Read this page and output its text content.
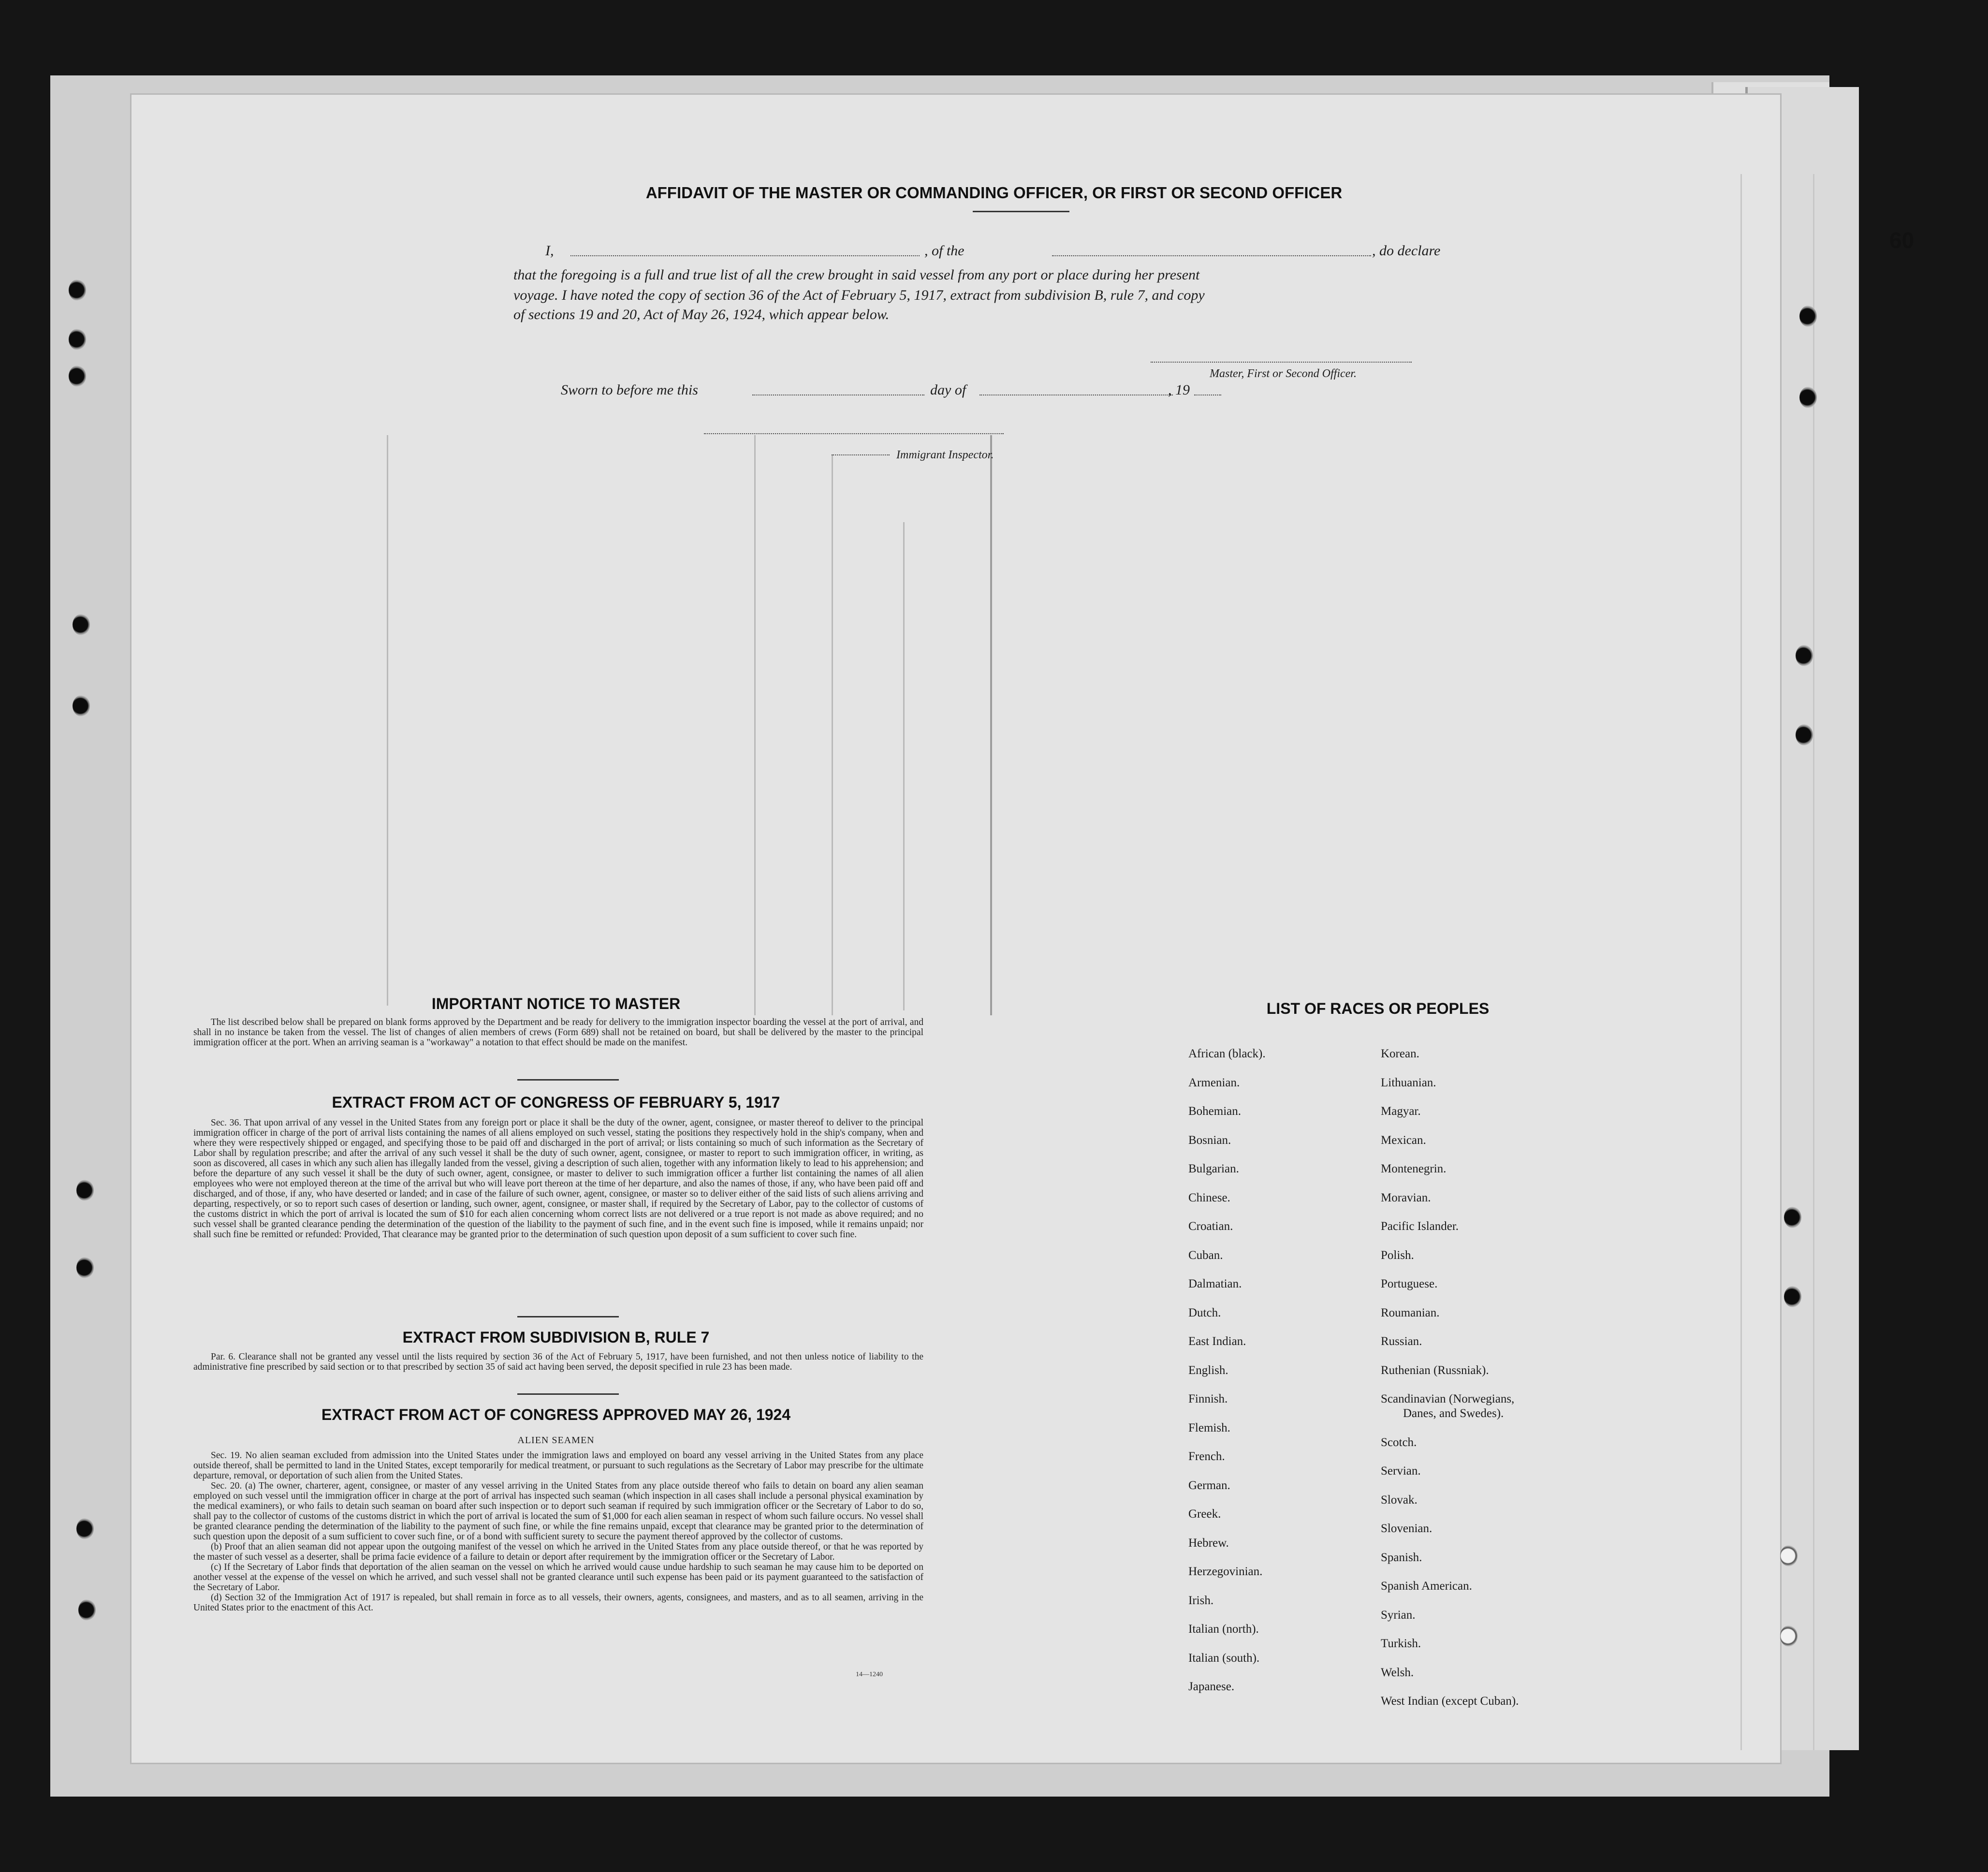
60
AFFIDAVIT OF THE MASTER OR COMMANDING OFFICER, OR FIRST OR SECOND OFFICER
I,	, of the	, do declare
that the foregoing is a full and true list of all the crew brought in said vessel from any port or place during her present
voyage. I have noted the copy of section 36 of the Act of February 5, 1917, extract from subdivision B, rule 7, and copy
of sections 19 and 20, Act of May 26, 1924, which appear below.
Master, First or Second Officer.
Sworn to before me this	day of	, 19
Immigrant Inspector.
IMPORTANT NOTICE TO MASTER

The list described below shall be prepared on blank forms approved by the Department and be ready for delivery to the immigration inspector boarding the vessel at the port of arrival, and shall in no instance be taken from the vessel. The list of changes of alien members of crews (Form 689) shall not be retained on board, but shall be delivered by the master to the principal immigration officer at the port. When an arriving seaman is a "workaway" a notation to that effect should be made on the manifest.

EXTRACT FROM ACT OF CONGRESS OF FEBRUARY 5, 1917

Sec. 36. That upon arrival of any vessel in the United States from any foreign port or place it shall be the duty of the owner, agent, consignee, or master thereof to deliver to the principal immigration officer in charge of the port of arrival lists containing the names of all aliens employed on such vessel, stating the positions they respectively hold in the ship's company, when and where they were respectively shipped or engaged, and specifying those to be paid off and discharged in the port of arrival; or lists containing so much of such information as the Secretary of Labor shall by regulation prescribe; and after the arrival of any such vessel it shall be the duty of such owner, agent, consignee, or master to report to such immigration officer, in writing, as soon as discovered, all cases in which any such alien has illegally landed from the vessel, giving a description of such alien, together with any information likely to lead to his apprehension; and before the departure of any such vessel it shall be the duty of such owner, agent, consignee, or master to deliver to such immigration officer a further list containing the names of all alien employees who were not employed thereon at the time of the arrival but who will leave port thereon at the time of her departure, and also the names of those, if any, who have been paid off and discharged, and of those, if any, who have deserted or landed; and in case of the failure of such owner, agent, consignee, or master so to deliver either of the said lists of such aliens arriving and departing, respectively, or so to report such cases of desertion or landing, such owner, agent, consignee, or master shall, if required by the Secretary of Labor, pay to the collector of customs of the customs district in which the port of arrival is located the sum of $10 for each alien concerning whom correct lists are not delivered or a true report is not made as above required; and no such vessel shall be granted clearance pending the determination of the question of the liability to the payment of such fine, and in the event such fine is imposed, while it remains unpaid; nor shall such fine be remitted or refunded: Provided, That clearance may be granted prior to the determination of such question upon deposit of a sum sufficient to cover such fine.

EXTRACT FROM SUBDIVISION B, RULE 7

Par. 6. Clearance shall not be granted any vessel until the lists required by section 36 of the Act of February 5, 1917, have been furnished, and not then unless notice of liability to the administrative fine prescribed by said section or to that prescribed by section 35 of said act having been served, the deposit specified in rule 23 has been made.

EXTRACT FROM ACT OF CONGRESS APPROVED MAY 26, 1924
ALIEN SEAMEN

Sec. 19. No alien seaman excluded from admission into the United States under the immigration laws and employed on board any vessel arriving in the United States from any place outside thereof, shall be permitted to land in the United States, except temporarily for medical treatment, or pursuant to such regulations as the Secretary of Labor may prescribe for the ultimate departure, removal, or deportation of such alien from the United States.

Sec. 20. (a) The owner, charterer, agent, consignee, or master of any vessel arriving in the United States from any place outside thereof who fails to detain on board any alien seaman employed on such vessel until the immigration officer in charge at the port of arrival has inspected such seaman (which inspection in all cases shall include a personal physical examination by the medical examiners), or who fails to detain such seaman on board after such inspection or to deport such seaman if required by such immigration officer or the Secretary of Labor to do so, shall pay to the collector of customs of the customs district in which the port of arrival is located the sum of $1,000 for each alien seaman in respect of whom such failure occurs. No vessel shall be granted clearance pending the determination of the liability to the payment of such fine, or while the fine remains unpaid, except that clearance may be granted prior to the determination of such question upon the deposit of a sum sufficient to cover such fine, or of a bond with sufficient surety to secure the payment thereof approved by the collector of customs.

(b) Proof that an alien seaman did not appear upon the outgoing manifest of the vessel on which he arrived in the United States from any place outside thereof, or that he was reported by the master of such vessel as a deserter, shall be prima facie evidence of a failure to detain or deport after requirement by the immigration officer or the Secretary of Labor.

(c) If the Secretary of Labor finds that deportation of the alien seaman on the vessel on which he arrived would cause undue hardship to such seaman he may cause him to be deported on another vessel at the expense of the vessel on which he arrived, and such vessel shall not be granted clearance until such expense has been paid or its payment guaranteed to the satisfaction of the Secretary of Labor.

(d) Section 32 of the Immigration Act of 1917 is repealed, but shall remain in force as to all vessels, their owners, agents, consignees, and masters, and as to all seamen, arriving in the United States prior to the enactment of this Act.

14—1240
LIST OF RACES OR PEOPLES
African (black).
Armenian.
Bohemian.
Bosnian.
Bulgarian.
Chinese.
Croatian.
Cuban.
Dalmatian.
Dutch.
East Indian.
English.
Finnish.
Flemish.
French.
German.
Greek.
Hebrew.
Herzegovinian.
Irish.
Italian (north).
Italian (south).
Japanese.
Korean.
Lithuanian.
Magyar.
Mexican.
Montenegrin.
Moravian.
Pacific Islander.
Polish.
Portuguese.
Roumanian.
Russian.
Ruthenian (Russniak).
Scandinavian (Norwegians,
Danes, and Swedes).
Scotch.
Servian.
Slovak.
Slovenian.
Spanish.
Spanish American.
Syrian.
Turkish.
Welsh.
West Indian (except Cuban).
